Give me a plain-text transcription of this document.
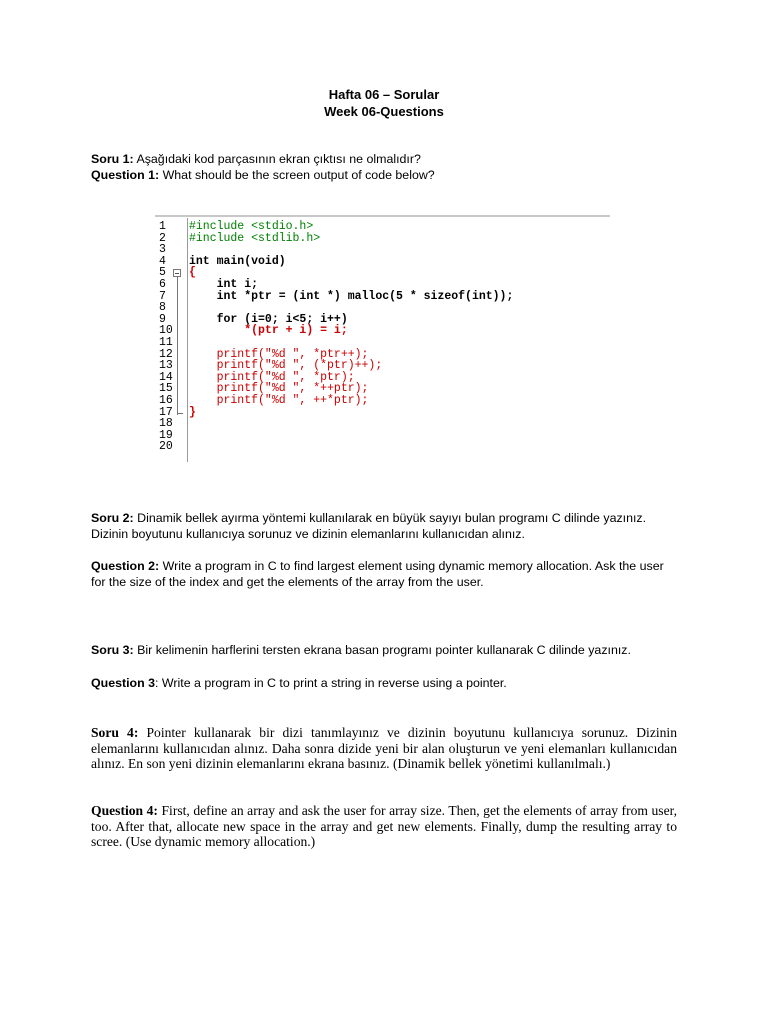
Hafta 06 – Sorular
Week 06-Questions
Soru 1: Aşağıdaki kod parçasının ekran çıktısı ne olmalıdır?
Question 1: What should be the screen output of code below?
1
2
3
4
5
6
7
8
9
10
11
12
13
14
15
16
17
18
19
20
#include <stdio.h>
#include <stdlib.h>
int main(void)
{
int i;
int *ptr = (int *) malloc(5 * sizeof(int));
for (i=0; i<5; i++)
*(ptr + i) = i;
printf("%d ", *ptr++);
printf("%d ", (*ptr)++);
printf("%d ", *ptr);
printf("%d ", *++ptr);
printf("%d ", ++*ptr);
}
Soru 2: Dinamik bellek ayırma yöntemi kullanılarak en büyük sayıyı bulan programı C dilinde yazınız. Dizinin boyutunu kullanıcıya sorunuz ve dizinin elemanlarını kullanıcıdan alınız.
Question 2: Write a program in C to find largest element using dynamic memory allocation. Ask the user for the size of the index and get the elements of the array from the user.
Soru 3: Bir kelimenin harflerini tersten ekrana basan programı pointer kullanarak C dilinde yazınız.
Question 3: Write a program in C to print a string in reverse using a pointer.
Soru 4: Pointer kullanarak bir dizi tanımlayınız ve dizinin boyutunu kullanıcıya sorunuz. Dizinin elemanlarını kullanıcıdan alınız. Daha sonra dizide yeni bir alan oluşturun ve yeni elemanları kullanıcıdan alınız. En son yeni dizinin elemanlarını ekrana basınız. (Dinamik bellek yönetimi kullanılmalı.)
Question 4: First, define an array and ask the user for array size. Then, get the elements of array from user, too. After that, allocate new space in the array and get new elements. Finally, dump the resulting array to scree. (Use dynamic memory allocation.)
